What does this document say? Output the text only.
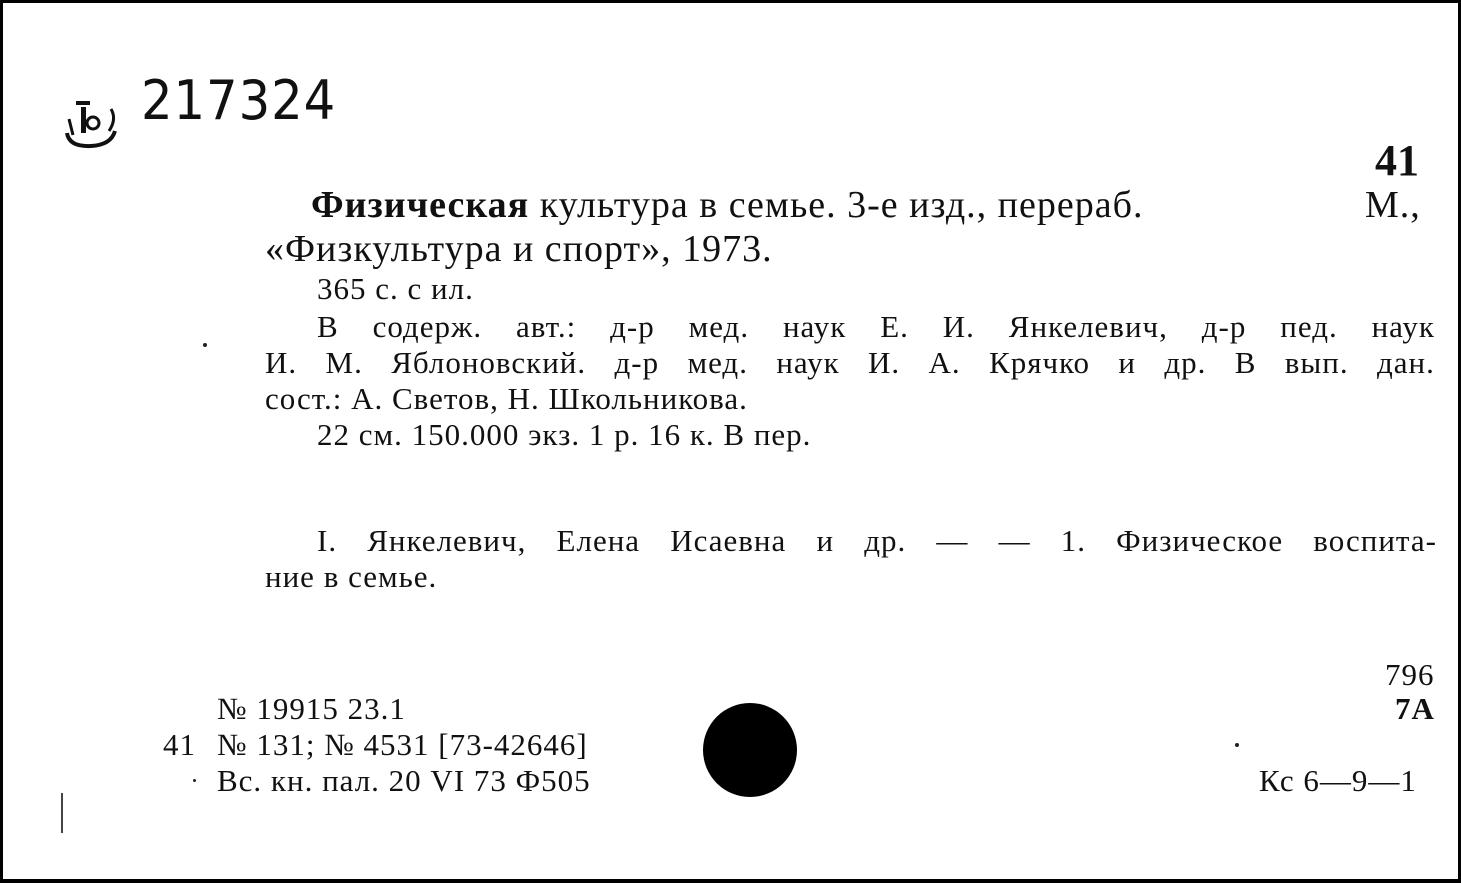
217324
41
Физическая культура в семье. 3-е изд., перераб.	М.,
«Физкультура и спорт», 1973.
365 с. с ил.
В содерж. авт.: д-р мед. наук Е. И. Янкелевич, д-р пед. наук
И. М. Яблоновский. д-р мед. наук И. А. Крячко и др. В вып. дан.
сост.: А. Светов, Н. Школьникова.
22 см. 150.000 экз. 1 р. 16 к. В пер.
I. Янкелевич, Елена Исаевна и др. — — 1. Физическое воспита-
ние в семье.
№ 19915 23.1
41 № 131; № 4531 [73-42646]
Вс. кн. пал. 20 VI 73 Ф505
796
7А
Кс 6—9—1
